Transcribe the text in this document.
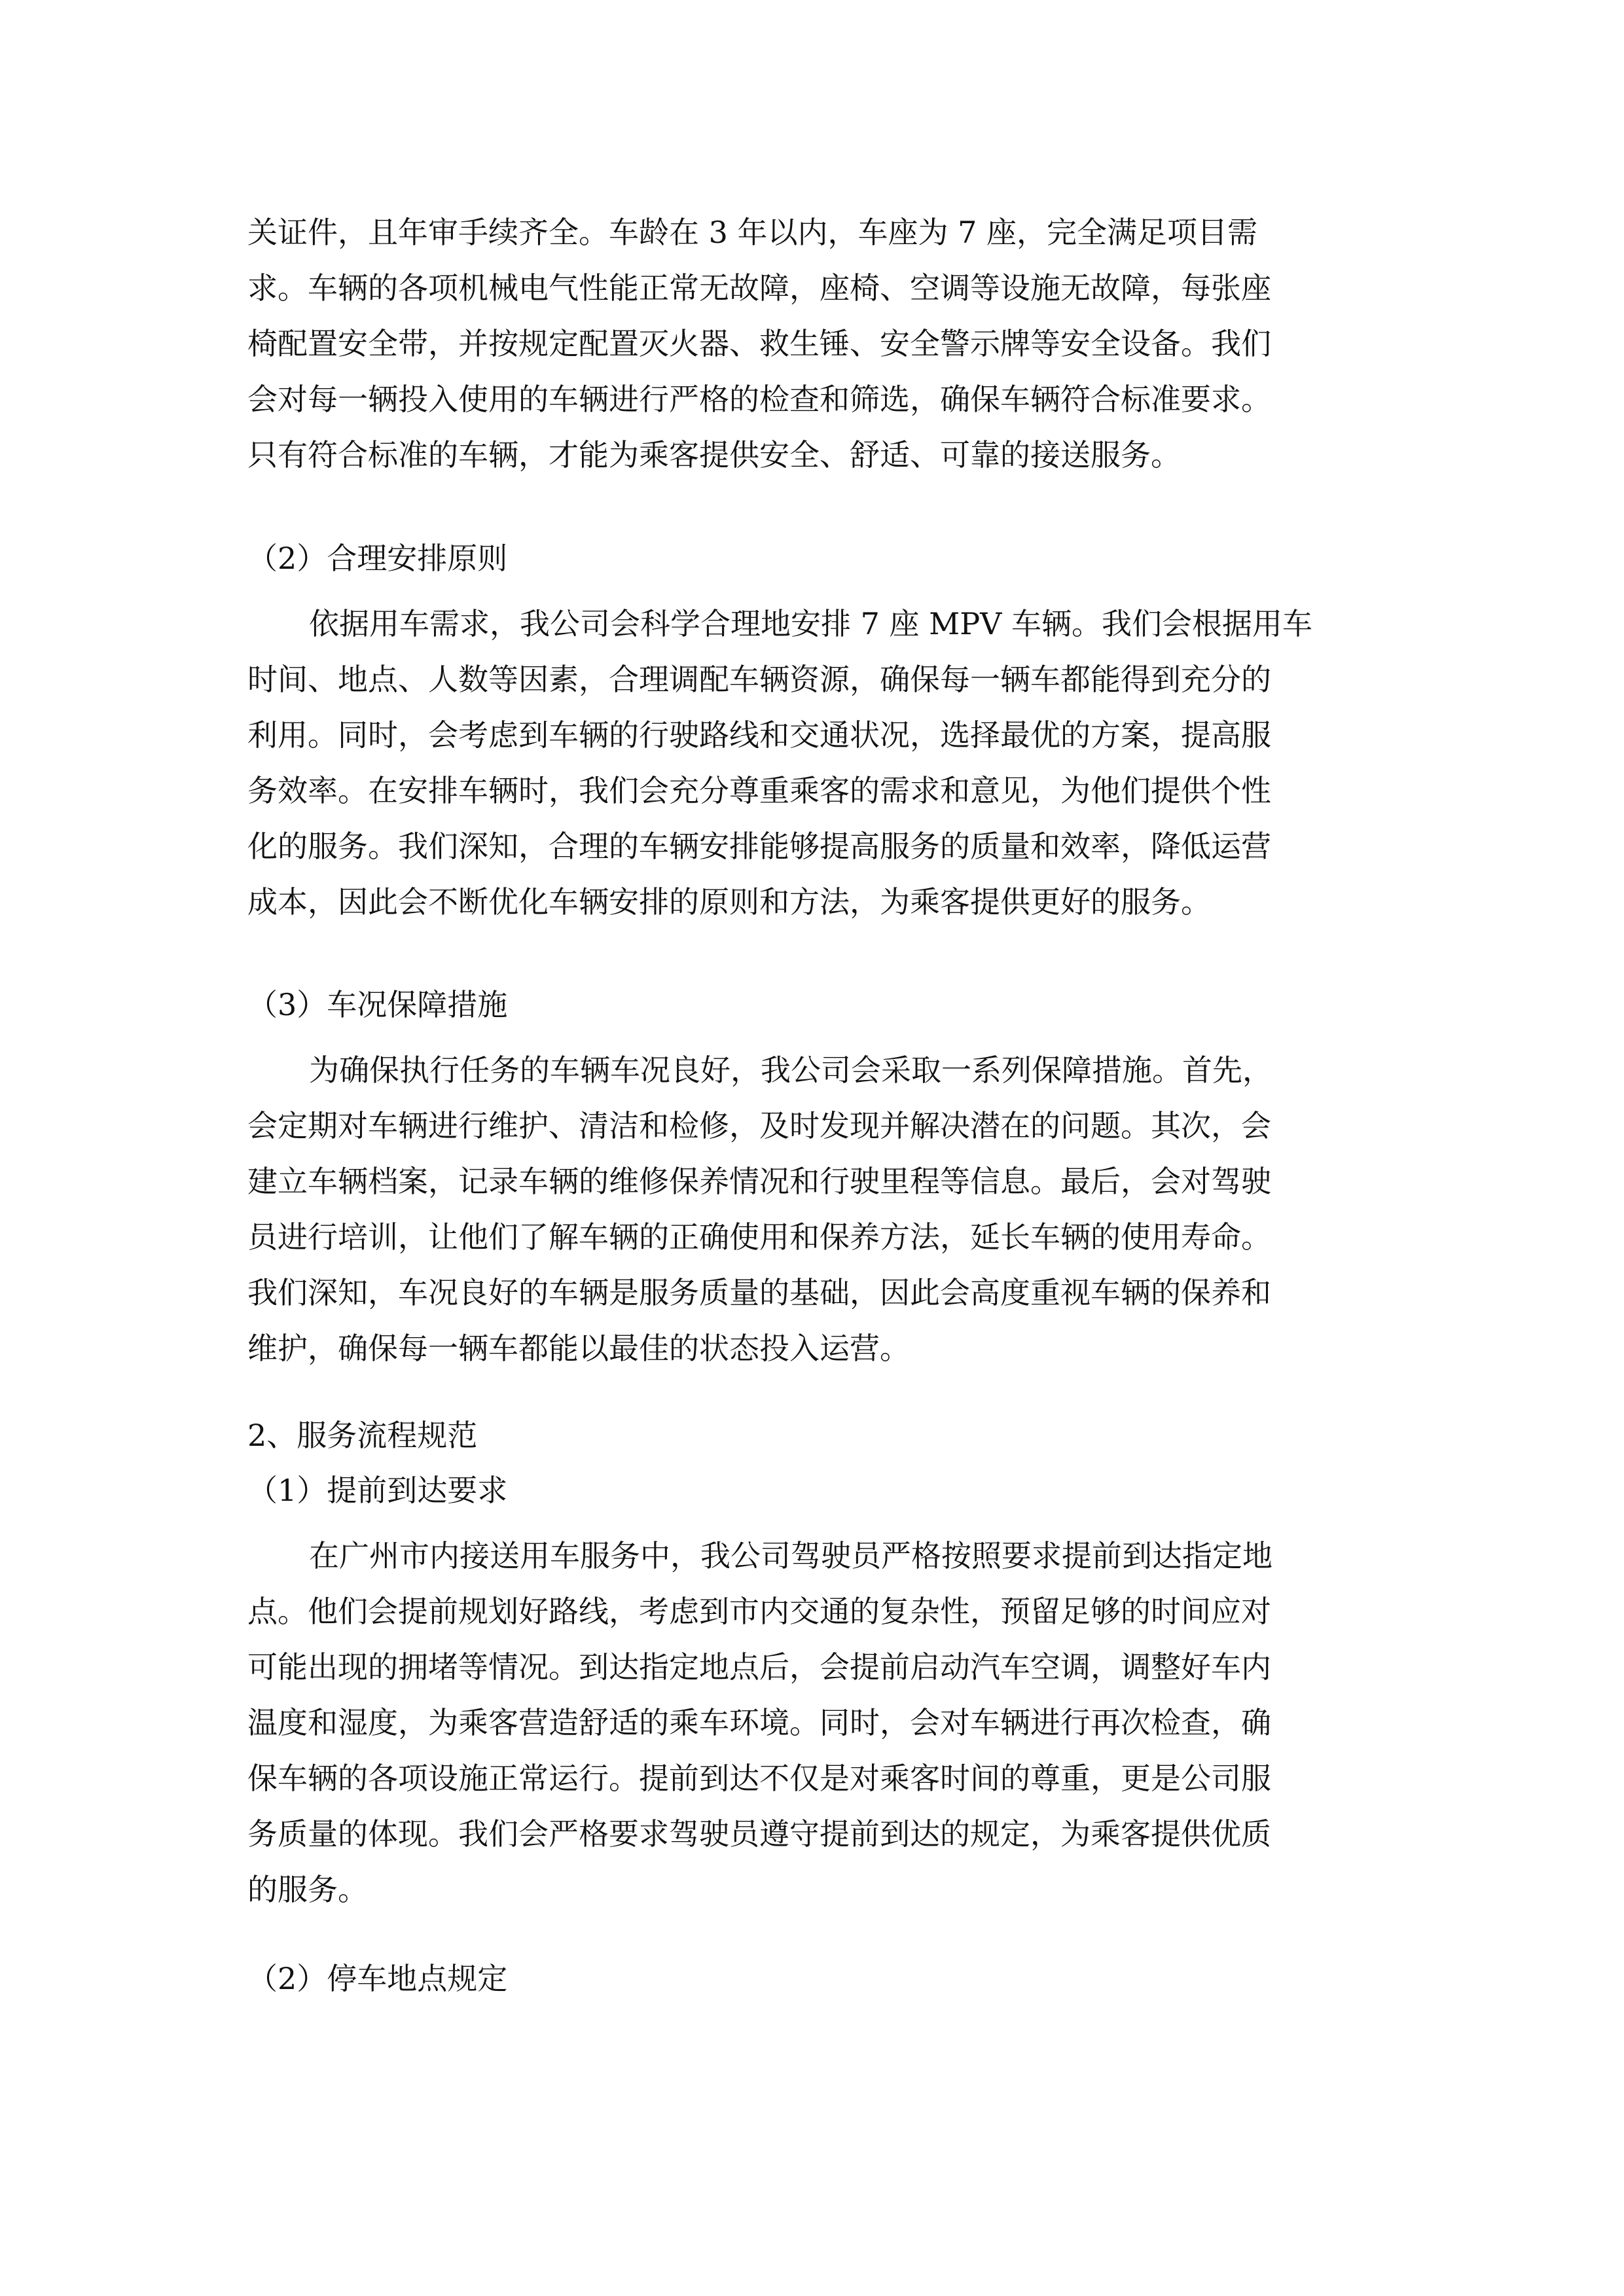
关证件，且年审手续齐全。车龄在 3 年以内，车座为 7 座，完全满足项目需
求。车辆的各项机械电气性能正常无故障，座椅、空调等设施无故障，每张座
椅配置安全带，并按规定配置灭火器、救生锤、安全警示牌等安全设备。我们
会对每一辆投入使用的车辆进行严格的检查和筛选，确保车辆符合标准要求。
只有符合标准的车辆，才能为乘客提供安全、舒适、可靠的接送服务。
（2）合理安排原则
依据用车需求，我公司会科学合理地安排 7 座 MPV 车辆。我们会根据用车
时间、地点、人数等因素，合理调配车辆资源，确保每一辆车都能得到充分的
利用。同时，会考虑到车辆的行驶路线和交通状况，选择最优的方案，提高服
务效率。在安排车辆时，我们会充分尊重乘客的需求和意见，为他们提供个性
化的服务。我们深知，合理的车辆安排能够提高服务的质量和效率，降低运营
成本，因此会不断优化车辆安排的原则和方法，为乘客提供更好的服务。
（3）车况保障措施
为确保执行任务的车辆车况良好，我公司会采取一系列保障措施。首先，
会定期对车辆进行维护、清洁和检修，及时发现并解决潜在的问题。其次，会
建立车辆档案，记录车辆的维修保养情况和行驶里程等信息。最后，会对驾驶
员进行培训，让他们了解车辆的正确使用和保养方法，延长车辆的使用寿命。
我们深知，车况良好的车辆是服务质量的基础，因此会高度重视车辆的保养和
维护，确保每一辆车都能以最佳的状态投入运营。
2、服务流程规范
（1）提前到达要求
在广州市内接送用车服务中，我公司驾驶员严格按照要求提前到达指定地
点。他们会提前规划好路线，考虑到市内交通的复杂性，预留足够的时间应对
可能出现的拥堵等情况。到达指定地点后，会提前启动汽车空调，调整好车内
温度和湿度，为乘客营造舒适的乘车环境。同时，会对车辆进行再次检查，确
保车辆的各项设施正常运行。提前到达不仅是对乘客时间的尊重，更是公司服
务质量的体现。我们会严格要求驾驶员遵守提前到达的规定，为乘客提供优质
的服务。
（2）停车地点规定
